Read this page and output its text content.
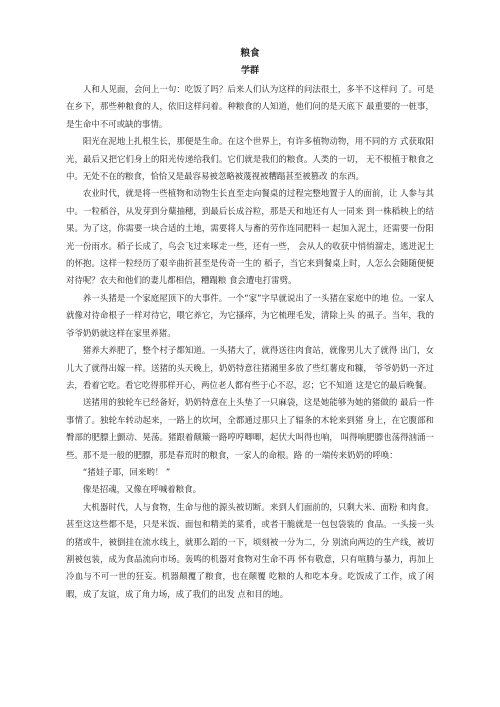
粮食
学群

人和人见面，会问上一句：吃饭了吗？后来人们认为这样的问法很土，多半不这样问 了。可是在乡下，那些种粮食的人，依旧这样问着。种粮食的人知道，他们问的是天底下 最重要的一桩事，是生命中不可或缺的事情。

阳光在泥地上扎根生长，那便是生命。在这个世界上，有许多植物动物，用不同的方 式获取阳光，最后又把它们身上的阳光传递给我们。它们就是我们的粮食。人类的一切， 无不根植于粮食之中。无处不在的粮食，恰恰又是最容易被忽略被蔑视被糟蹋甚至被篡改 的东西。

农业时代，就是将一些植物和动物生长直至走向餐桌的过程完整地置于人的面前，让 人参与其中。一粒稻谷，从发芽到分蘖抽穗，到最后长成谷粒，那是天和地还有人一同来 到一株稻秧上的结果。为了这，你需要一块合适的土地，需要将人与畜的劳作连同肥料一 起加入泥土，还需要一份阳光一份雨水。稻子长成了，鸟会飞过来啄走一些，还有一些， 会从人的收获中悄悄溜走，逃进泥土的怀抱。这样一粒经历了艰辛曲折甚至是传奇一生的 稻子，当它来到餐桌上时，人怎么会随随便便对待呢？农夫和他们的妻儿都相信，糟蹋粮 食会遭电打雷劈。

养一头猪是一个家庭屋顶下的大事件。一个“家”字早就说出了一头猪在家庭中的地 位。一家人就像对待命根子一样对待它，喂它养它，为它搔痒，为它梳理毛发，清除上头 的虱子。当年，我的爷爷奶奶就这样在家里养猪。

猪养大养肥了，整个村子都知道。一头猪大了，就得送往肉食站，就像男儿大了就得 出门，女儿大了就得出嫁一样。送猪的头天晚上，奶奶特意往猪潲里多放了些红薯皮和糠， 爷爷奶奶一齐过去，看着它吃。看它吃得那样开心，两位老人都有些于心不忍，忍；它不知道 这是它的最后晚餐。

送猪用的独轮车已经备好，奶奶特意在上头垫了一只麻袋，这是她能够为她的猪做的 最后一件事情了。独轮车转动起来，一路上的坎坷，全都通过那只上了辐条的木轮来到猪 身上，在它腹部和臀部的肥膘上颤动、晃荡。猪跟着颠簸一路哼哼唧唧，起伏大叫得也响， 叫得响肥膘也荡得汹涌一些。那不是一般的肥膘，那是春荒时的粮食，一家人的命根。路 的一端传来奶奶的呼唤：

“猪娃子耶，回来哟！ ”

像是招魂，又像在呼喊着粮食。

大机器时代，人与食物，生命与他的源头被切断。来到人们面前的，只剩大米、面粉 和肉食。甚至这这些都不是，只是米饭、面包和精美的菜肴，或者干脆就是一包包袋装的 食品。一头接一头的猪或牛，被倒挂在流水线上，就那么蹈的一下，顷刻被一分为二，分 别流向两边的生产线，被切割被包装，成为食品流向市场。轰鸣的机器对食物对生命不再 怀有敬意，只有喧腾与暴力，再加上冷血与不可一世的狂妄。机器颠覆了粮食，也在颠覆 吃粮的人和吃本身。吃饭成了工作，成了闲暇，成了友谊，成了角力场，成了我们的出发 点和目的地。
